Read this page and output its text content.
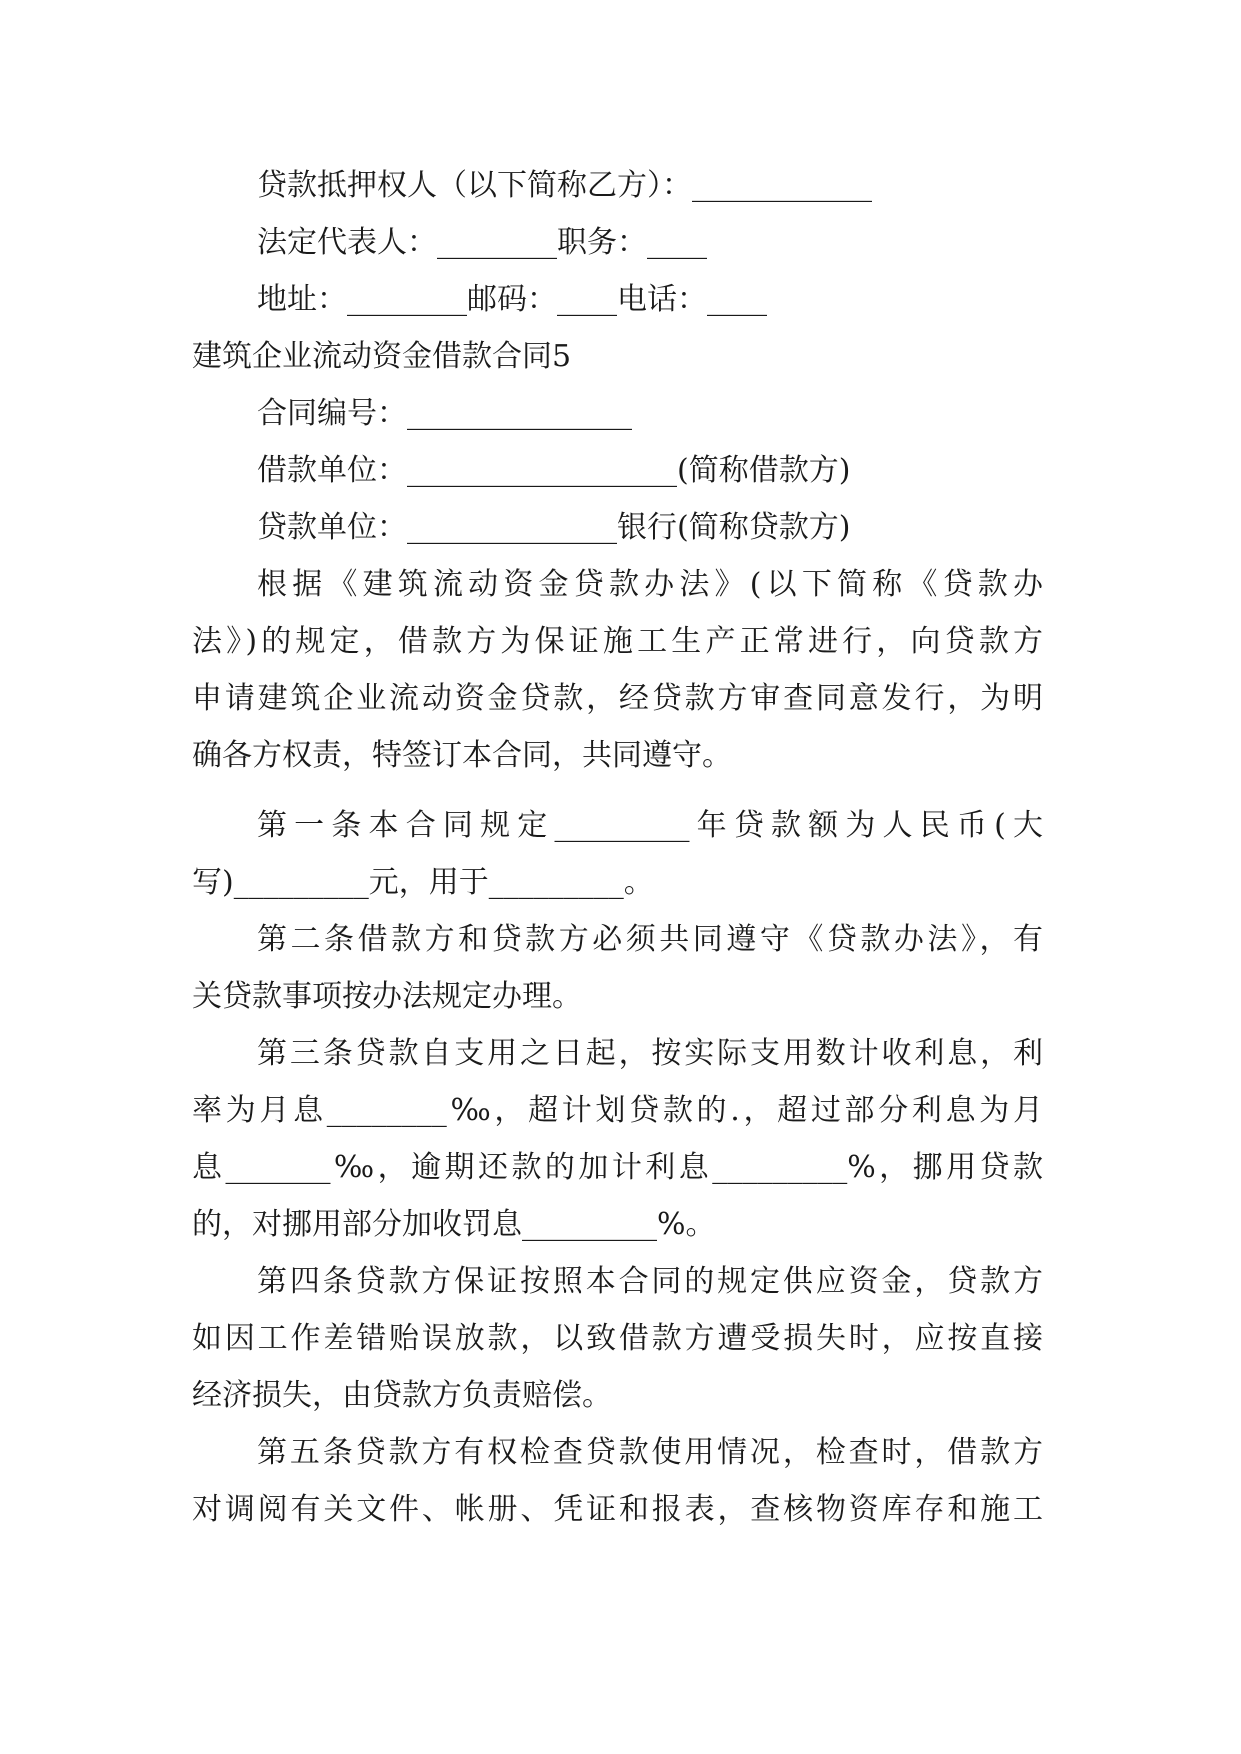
贷款抵押权人（以下简称乙方）：____________

法定代表人：________职务：____

地址：________邮码：____电话：____

建筑企业流动资金借款合同5

合同编号：_______________

借款单位：__________________(简称借款方)

贷款单位：______________银行(简称贷款方)

根据《建筑流动资金贷款办法》(以下简称《贷款办

法》)的规定，借款方为保证施工生产正常进行，向贷款方

申请建筑企业流动资金贷款，经贷款方审查同意发行，为明

确各方权责，特签订本合同，共同遵守。

第一条本合同规定_________年贷款额为人民币(大

写)_________元，用于_________。

第二条借款方和贷款方必须共同遵守《贷款办法》，有

关贷款事项按办法规定办理。

第三条贷款自支用之日起，按实际支用数计收利息，利

率为月息________‰，超计划贷款的.，超过部分利息为月

息_______‰，逾期还款的加计利息_________%，挪用贷款

的，对挪用部分加收罚息_________%。

第四条贷款方保证按照本合同的规定供应资金，贷款方

如因工作差错贻误放款，以致借款方遭受损失时，应按直接

经济损失，由贷款方负责赔偿。

第五条贷款方有权检查贷款使用情况，检查时，借款方

对调阅有关文件、帐册、凭证和报表，查核物资库存和施工
